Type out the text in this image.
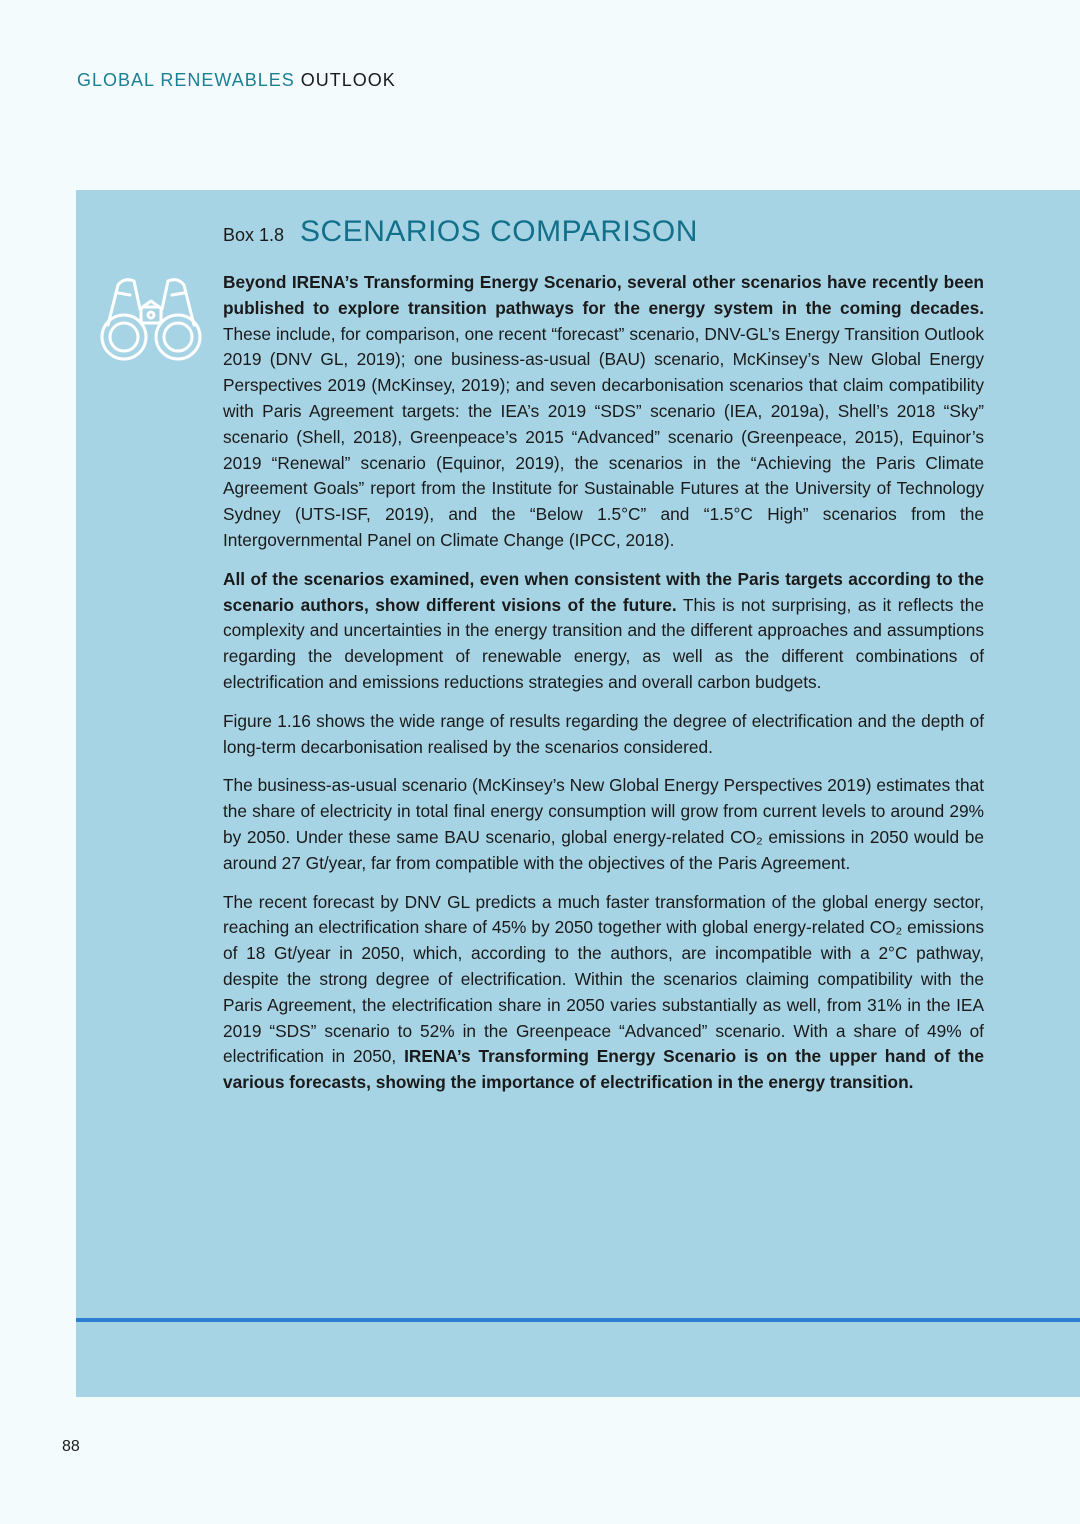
GLOBAL RENEWABLES OUTLOOK
Box 1.8 SCENARIOS COMPARISON

Beyond IRENA’s Transforming Energy Scenario, several other scenarios have recently been published to explore transition pathways for the energy system in the coming decades. These include, for comparison, one recent “forecast” scenario, DNV-GL’s Energy Transition Outlook 2019 (DNV GL, 2019); one business-as-usual (BAU) scenario, McKinsey’s New Global Energy Perspectives 2019 (McKinsey, 2019); and seven decarbonisation scenarios that claim compatibility with Paris Agreement targets: the IEA’s 2019 “SDS” scenario (IEA, 2019a), Shell’s 2018 “Sky” scenario (Shell, 2018), Greenpeace’s 2015 “Advanced” scenario (Greenpeace, 2015), Equinor’s 2019 “Renewal” scenario (Equinor, 2019), the scenarios in the “Achieving the Paris Climate Agreement Goals” report from the Institute for Sustainable Futures at the University of Technology Sydney (UTS-ISF, 2019), and the “Below 1.5°C” and “1.5°C High” scenarios from the Intergovernmental Panel on Climate Change (IPCC, 2018).

All of the scenarios examined, even when consistent with the Paris targets according to the scenario authors, show different visions of the future. This is not surprising, as it reflects the complexity and uncertainties in the energy transition and the different approaches and assumptions regarding the development of renewable energy, as well as the different combinations of electrification and emissions reductions strategies and overall carbon budgets.

Figure 1.16 shows the wide range of results regarding the degree of electrification and the depth of long-term decarbonisation realised by the scenarios considered.

The business-as-usual scenario (McKinsey’s New Global Energy Perspectives 2019) estimates that the share of electricity in total final energy consumption will grow from current levels to around 29% by 2050. Under these same BAU scenario, global energy-related CO₂ emissions in 2050 would be around 27 Gt/year, far from compatible with the objectives of the Paris Agreement.

The recent forecast by DNV GL predicts a much faster transformation of the global energy sector, reaching an electrification share of 45% by 2050 together with global energy-related CO₂ emissions of 18 Gt/year in 2050, which, according to the authors, are incompatible with a 2°C pathway, despite the strong degree of electrification. Within the scenarios claiming compatibility with the Paris Agreement, the electrification share in 2050 varies substantially as well, from 31% in the IEA 2019 “SDS” scenario to 52% in the Greenpeace “Advanced” scenario. With a share of 49% of electrification in 2050, IRENA’s Transforming Energy Scenario is on the upper hand of the various forecasts, showing the importance of electrification in the energy transition.

88
